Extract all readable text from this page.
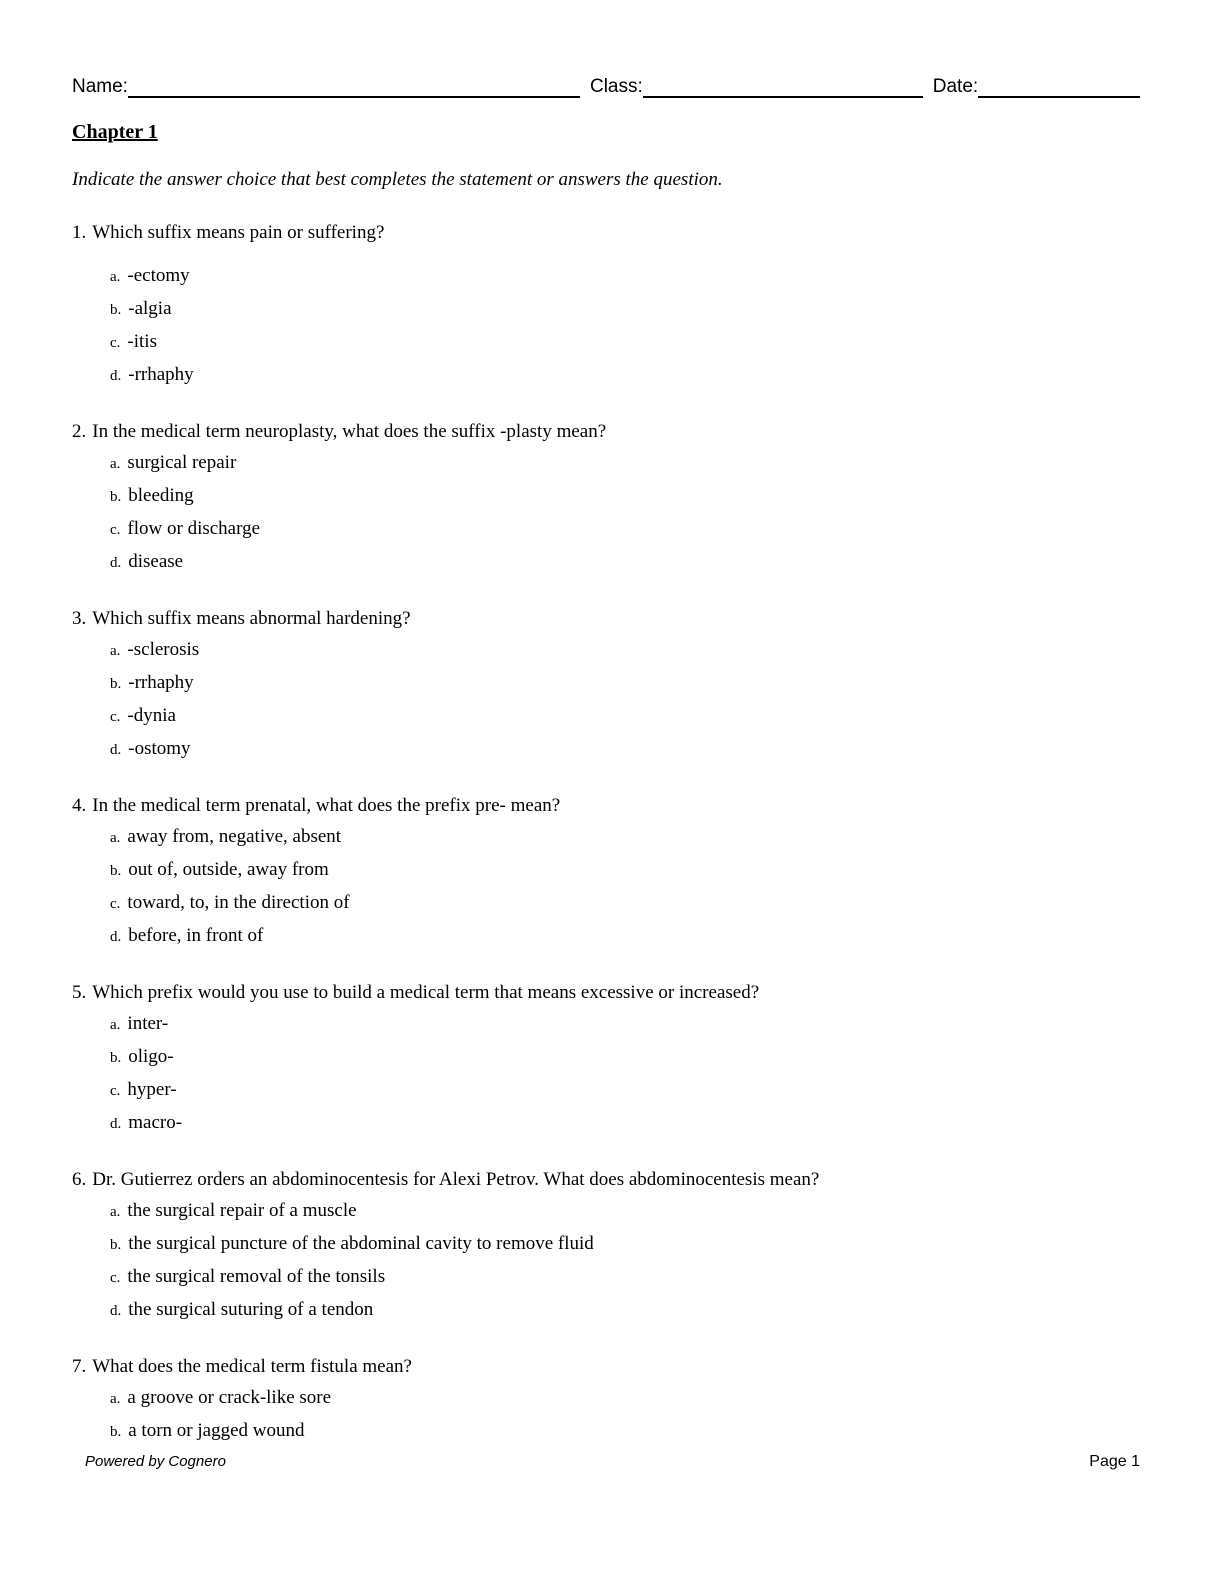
Name:	Class:	Date:
Chapter 1

Indicate the answer choice that best completes the statement or answers the question.

1. Which suffix means pain or suffering?
a. -ectomy
b. -algia
c. -itis
d. -rrhaphy
2. In the medical term neuroplasty, what does the suffix -plasty mean?
a. surgical repair
b. bleeding
c. flow or discharge
d. disease
3. Which suffix means abnormal hardening?
a. -sclerosis
b. -rrhaphy
c. -dynia
d. -ostomy
4. In the medical term prenatal, what does the prefix pre- mean?
a. away from, negative, absent
b. out of, outside, away from
c. toward, to, in the direction of
d. before, in front of
5. Which prefix would you use to build a medical term that means excessive or increased?
a. inter-
b. oligo-
c. hyper-
d. macro-
6. Dr. Gutierrez orders an abdominocentesis for Alexi Petrov. What does abdominocentesis mean?
a. the surgical repair of a muscle
b. the surgical puncture of the abdominal cavity to remove fluid
c. the surgical removal of the tonsils
d. the surgical suturing of a tendon
7. What does the medical term fistula mean?
a. a groove or crack-like sore
b. a torn or jagged wound
Powered by Cognero	Page 1
